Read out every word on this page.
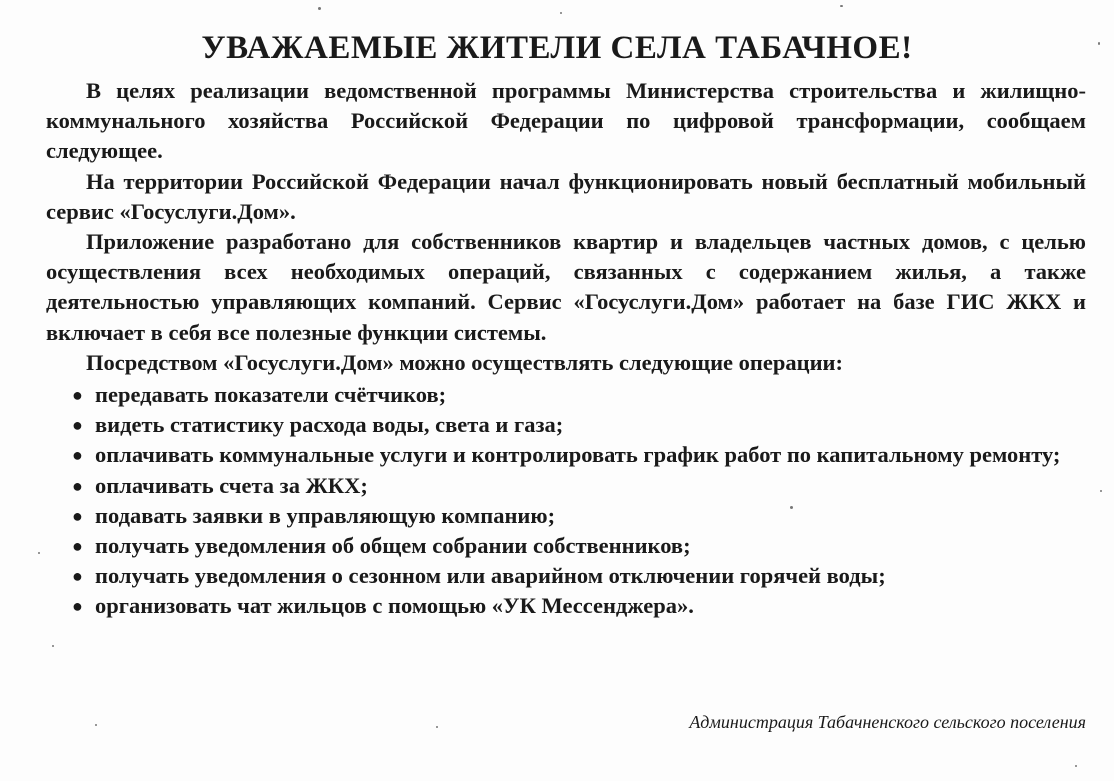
УВАЖАЕМЫЕ ЖИТЕЛИ СЕЛА ТАБАЧНОЕ!

В целях реализации ведомственной программы Министерства строительства и жилищно-коммунального хозяйства Российской Федерации по цифровой трансформации, сообщаем следующее.

На территории Российской Федерации начал функционировать новый бесплатный мобильный сервис «Госуслуги.Дом».

Приложение разработано для собственников квартир и владельцев частных домов, с целью осуществления всех необходимых операций, связанных с содержанием жилья, а также деятельностью управляющих компаний. Сервис «Госуслуги.Дом» работает на базе ГИС ЖКХ и включает в себя все полезные функции системы.

Посредством «Госуслуги.Дом» можно осуществлять следующие операции:

● передавать показатели счётчиков;
● видеть статистику расхода воды, света и газа;
● оплачивать коммунальные услуги и контролировать график работ по капитальному ремонту;
● оплачивать счета за ЖКХ;
● подавать заявки в управляющую компанию;
● получать уведомления об общем собрании собственников;
● получать уведомления о сезонном или аварийном отключении горячей воды;
● организовать чат жильцов с помощью «УК Мессенджера».

Администрация Табачненского сельского поселения
